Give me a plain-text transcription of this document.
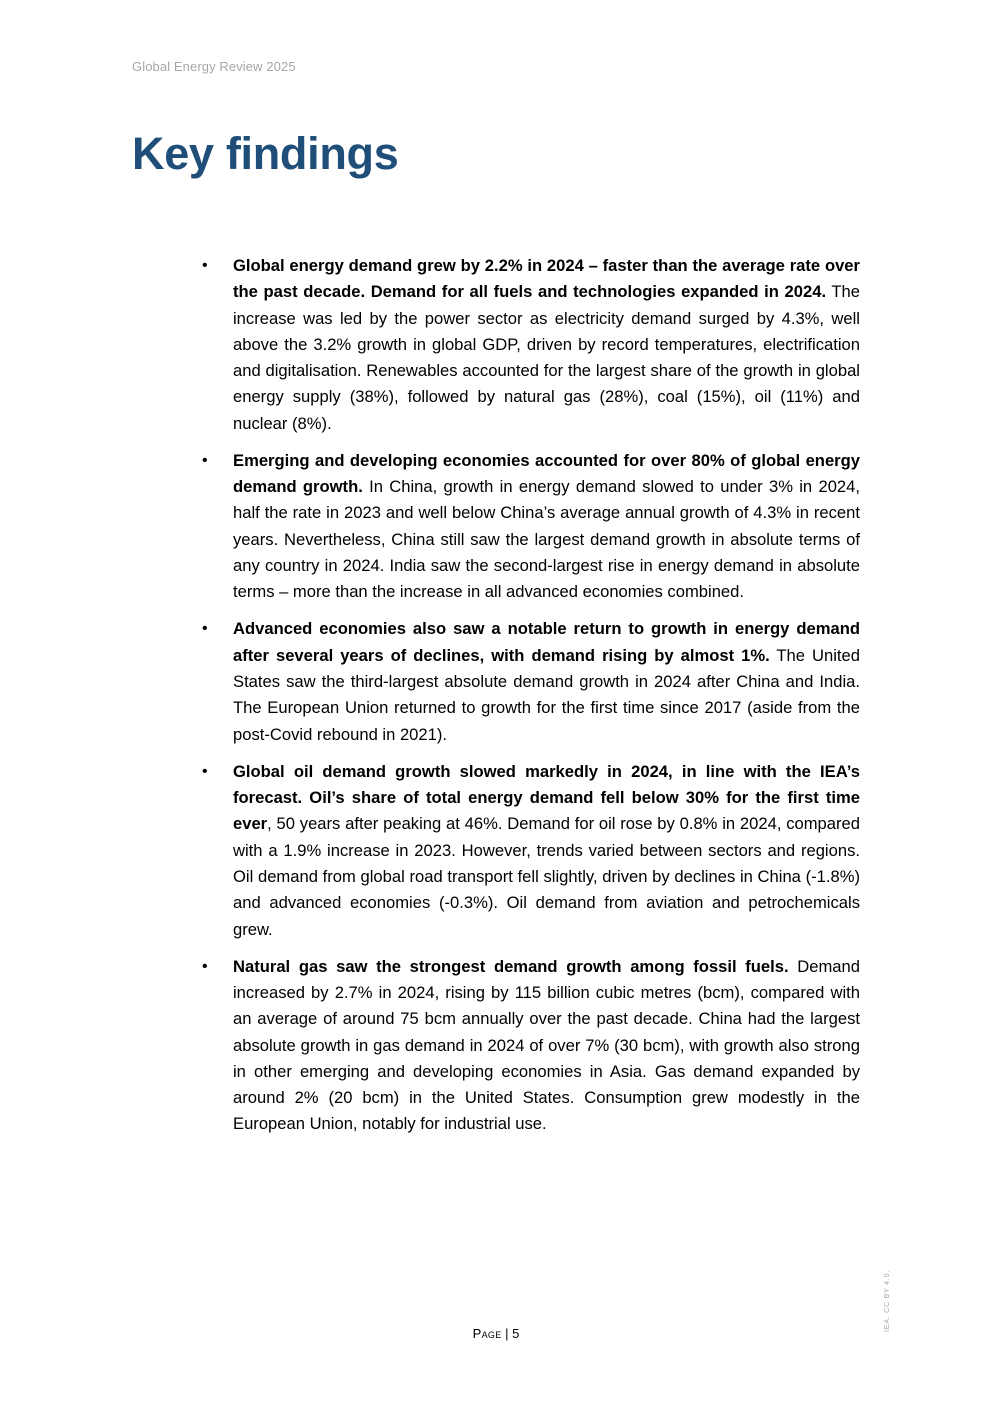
Global Energy Review 2025
Key findings
• Global energy demand grew by 2.2% in 2024 – faster than the average rate over the past decade. Demand for all fuels and technologies expanded in 2024. The increase was led by the power sector as electricity demand surged by 4.3%, well above the 3.2% growth in global GDP, driven by record temperatures, electrification and digitalisation. Renewables accounted for the largest share of the growth in global energy supply (38%), followed by natural gas (28%), coal (15%), oil (11%) and nuclear (8%).
• Emerging and developing economies accounted for over 80% of global energy demand growth. In China, growth in energy demand slowed to under 3% in 2024, half the rate in 2023 and well below China’s average annual growth of 4.3% in recent years. Nevertheless, China still saw the largest demand growth in absolute terms of any country in 2024. India saw the second-largest rise in energy demand in absolute terms – more than the increase in all advanced economies combined.
• Advanced economies also saw a notable return to growth in energy demand after several years of declines, with demand rising by almost 1%. The United States saw the third-largest absolute demand growth in 2024 after China and India. The European Union returned to growth for the first time since 2017 (aside from the post-Covid rebound in 2021).
• Global oil demand growth slowed markedly in 2024, in line with the IEA’s forecast. Oil’s share of total energy demand fell below 30% for the first time ever, 50 years after peaking at 46%. Demand for oil rose by 0.8% in 2024, compared with a 1.9% increase in 2023. However, trends varied between sectors and regions. Oil demand from global road transport fell slightly, driven by declines in China (-1.8%) and advanced economies (-0.3%). Oil demand from aviation and petrochemicals grew.
• Natural gas saw the strongest demand growth among fossil fuels. Demand increased by 2.7% in 2024, rising by 115 billion cubic metres (bcm), compared with an average of around 75 bcm annually over the past decade. China had the largest absolute growth in gas demand in 2024 of over 7% (30 bcm), with growth also strong in other emerging and developing economies in Asia. Gas demand expanded by around 2% (20 bcm) in the United States. Consumption grew modestly in the European Union, notably for industrial use.
Page | 5
IEA. CC BY 4.0.
